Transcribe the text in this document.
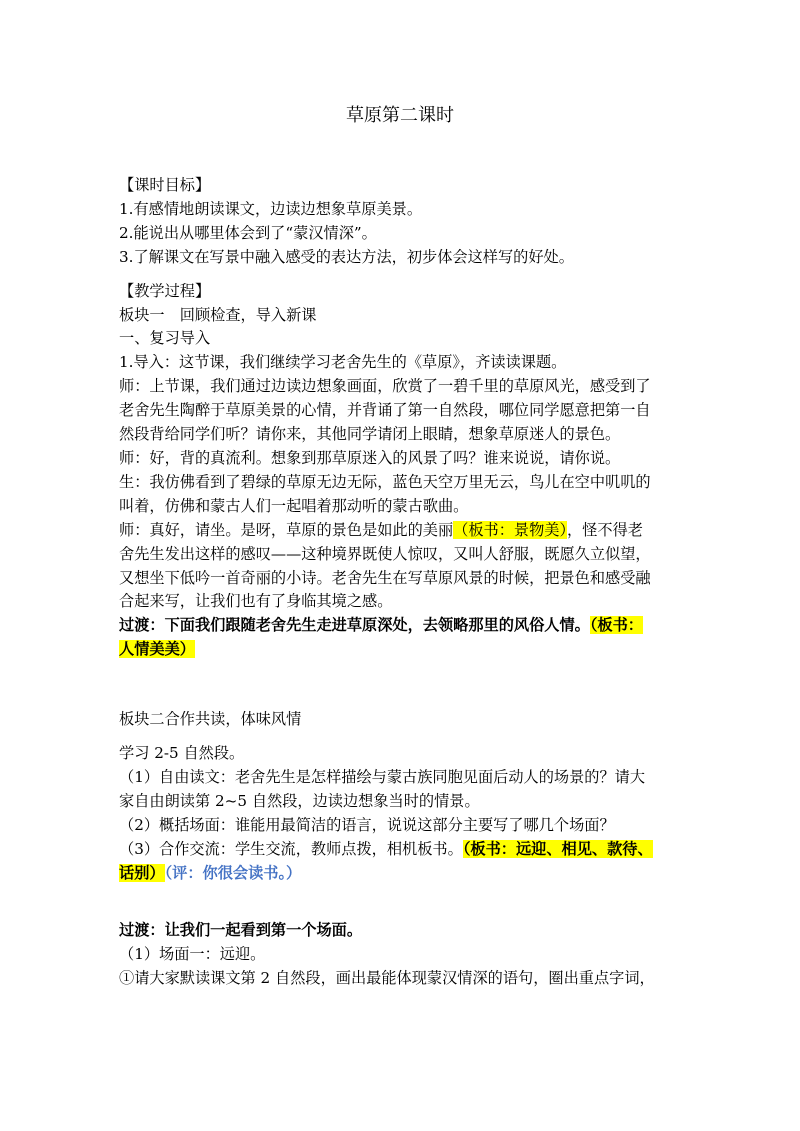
草原第二课时

【课时目标】

1.有感情地朗读课文，边读边想象草原美景。

2.能说出从哪里体会到了“蒙汉情深”。

3.了解课文在写景中融入感受的表达方法，初步体会这样写的好处。

【教学过程】

板块一　回顾检查，导入新课

一、复习导入

1.导入：这节课，我们继续学习老舍先生的《草原》，齐读读课题。

师：上节课，我们通过边读边想象画面，欣赏了一碧千里的草原风光，感受到了

老舍先生陶醉于草原美景的心情，并背诵了第一自然段，哪位同学愿意把第一自

然段背给同学们听？请你来，其他同学请闭上眼睛，想象草原迷人的景色。

师：好，背的真流利。想象到那草原迷入的风景了吗？谁来说说，请你说。

生：我仿佛看到了碧绿的草原无边无际，蓝色天空万里无云，鸟儿在空中叽叽的

叫着，仿佛和蒙古人们一起唱着那动听的蒙古歌曲。

师：真好，请坐。是呀，草原的景色是如此的美丽（板书：景物美），怪不得老

舍先生发出这样的感叹——这种境界既使人惊叹，又叫人舒服，既愿久立似望，

又想坐下低吟一首奇丽的小诗。老舍先生在写草原风景的时候，把景色和感受融

合起来写，让我们也有了身临其境之感。

过渡：下面我们跟随老舍先生走进草原深处，去领略那里的风俗人情。（板书：

人情美美）

板块二合作共读，体味风情

学习 2-5 自然段。

（1）自由读文：老舍先生是怎样描绘与蒙古族同胞见面后动人的场景的？请大

家自由朗读第 2~5 自然段，边读边想象当时的情景。

（2）概括场面：谁能用最简洁的语言，说说这部分主要写了哪几个场面？

（3）合作交流：学生交流，教师点拨，相机板书。（板书：远迎、相见、款待、

话别）（评：你很会读书。）

过渡：让我们一起看到第一个场面。

（1）场面一：远迎。

①请大家默读课文第 2 自然段，画出最能体现蒙汉情深的语句，圈出重点字词，
